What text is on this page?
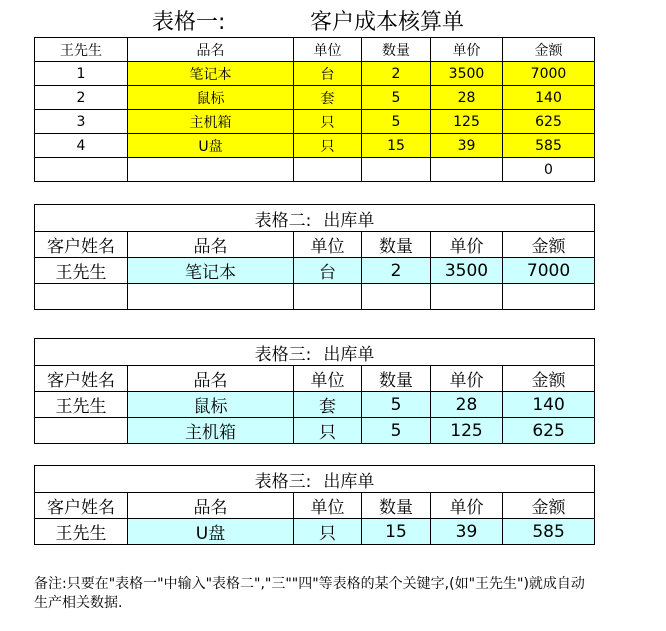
表格一:	客户成本核算单
王先生	品名	单位	数量	单价	金额
1	笔记本	台	2	3500	7000
2	鼠标	套	5	28	140
3	主机箱	只	5	125	625
4	U盘	只	15	39	585
					0
表格二: 出库单					
客户姓名	品名	单位	数量	单价	金额
王先生	笔记本	台	2	3500	7000

表格三: 出库单					
客户姓名	品名	单位	数量	单价	金额
王先生	鼠标	套	5	28	140
	主机箱	只	5	125	625
表格三: 出库单					
客户姓名	品名	单位	数量	单价	金额
王先生	U盘	只	15	39	585
备注:只要在"表格一"中输入"表格二","三""四"等表格的某个关键字,(如"王先生")就成自动生产相关数据.
